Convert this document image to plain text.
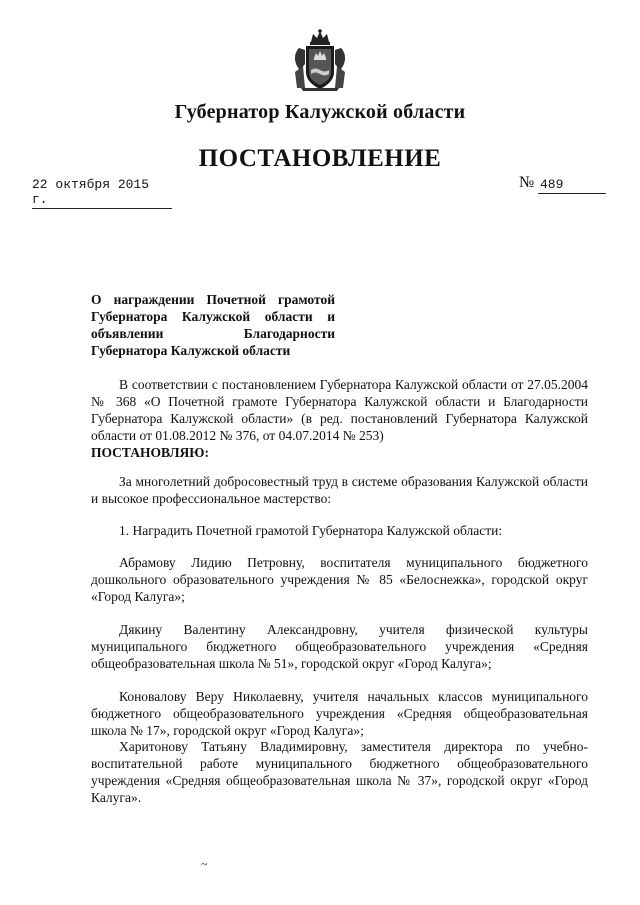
Губернатор Калужской области
ПОСТАНОВЛЕНИЕ
22 октября 2015 г.
№ 489
О награждении Почетной грамотой Губернатора Калужской области и объявлении Благодарности Губернатора Калужской области
В соответствии с постановлением Губернатора Калужской области от 27.05.2004 № 368 «О Почетной грамоте Губернатора Калужской области и Благодарности Губернатора Калужской области» (в ред. постановлений Губернатора Калужской области от 01.08.2012 № 376, от 04.07.2014 № 253)
ПОСТАНОВЛЯЮ:
За многолетний добросовестный труд в системе образования Калужской области и высокое профессиональное мастерство:
1. Наградить Почетной грамотой Губернатора Калужской области:
Абрамову Лидию Петровну, воспитателя муниципального бюджетного дошкольного образовательного учреждения № 85 «Белоснежка», городской округ «Город Калуга»;
Дякину Валентину Александровну, учителя физической культуры муниципального бюджетного общеобразовательного учреждения «Средняя общеобразовательная школа № 51», городской округ «Город Калуга»;
Коновалову Веру Николаевну, учителя начальных классов муниципального бюджетного общеобразовательного учреждения «Средняя общеобразовательная школа № 17», городской округ «Город Калуга»;
Харитонову Татьяну Владимировну, заместителя директора по учебно-воспитательной работе муниципального бюджетного общеобразовательного учреждения «Средняя общеобразовательная школа № 37», городской округ «Город Калуга».
~
